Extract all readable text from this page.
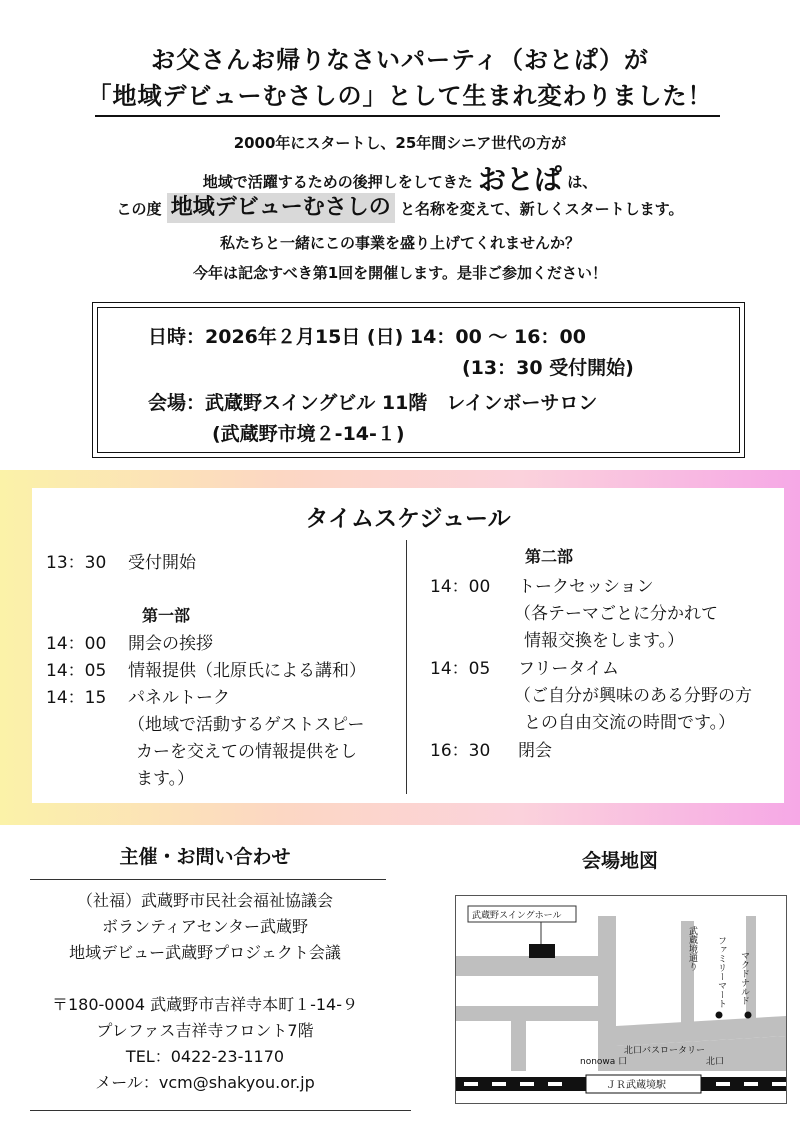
お父さんお帰りなさいパーティ（おとぱ）が
「地域デビューむさしの」として生まれ変わりました！
2000年にスタートし、25年間シニア世代の方が
地域で活躍するための後押しをしてきた おとぱ は、
この度 地域デビューむさしの と名称を変えて、新しくスタートします。
私たちと一緒にこの事業を盛り上げてくれませんか？
今年は記念すべき第1回を開催します。是非ご参加ください！
日時：2026年２月15日 (日) 14：00 ～ 16：00
(13：30 受付開始)
会場：武蔵野スイングビル 11階　レインボーサロン
(武蔵野市境２-14-１)
タイムスケジュール
13：30 受付開始
第一部
14：00 開会の挨拶
14：05 情報提供（北原氏による講和）
14：15 パネルトーク
（地域で活動するゲストスピー
カーを交えての情報提供をし
ます。）
第二部
14：00 トークセッション
（各テーマごとに分かれて
情報交換をします。）
14：05 フリータイム
（ご自分が興味のある分野の方
との自由交流の時間です。）
16：30 閉会
主催・お問い合わせ
（社福）武蔵野市民社会福祉協議会
ボランティアセンター武蔵野
地域デビュー武蔵野プロジェクト会議
〒180-0004 武蔵野市吉祥寺本町１-14-９
プレファス吉祥寺フロント7階
TEL：0422-23-1170
メール：vcm@shakyou.or.jp
会場地図
武蔵野スイングホール
武蔵境通り ファミリーマート マクドナルド
北口バスロータリー
nonowa 口	北口
ＪＲ武蔵境駅
